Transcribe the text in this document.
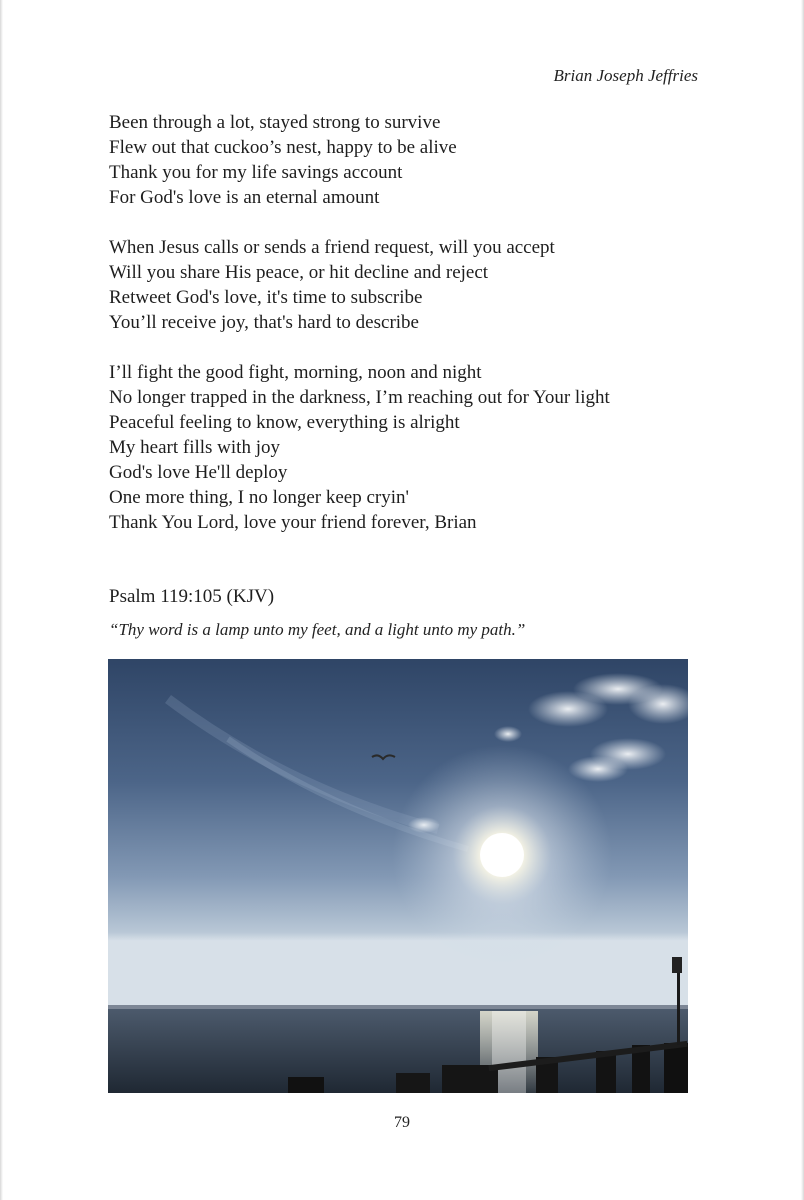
Brian Joseph Jeffries
Been through a lot, stayed strong to survive
Flew out that cuckoo’s nest, happy to be alive
Thank you for my life savings account
For God's love is an eternal amount
When Jesus calls or sends a friend request, will you accept
Will you share His peace, or hit decline and reject
Retweet God's love, it's time to subscribe
You’ll receive joy, that's hard to describe
I’ll fight the good fight, morning, noon and night
No longer trapped in the darkness, I’m reaching out for Your light
Peaceful feeling to know, everything is alright
My heart fills with joy
God's love He'll deploy
One more thing, I no longer keep cryin'
Thank You Lord, love your friend forever, Brian
Psalm 119:105 (KJV)
“Thy word is a lamp unto my feet, and a light unto my path.”
79
